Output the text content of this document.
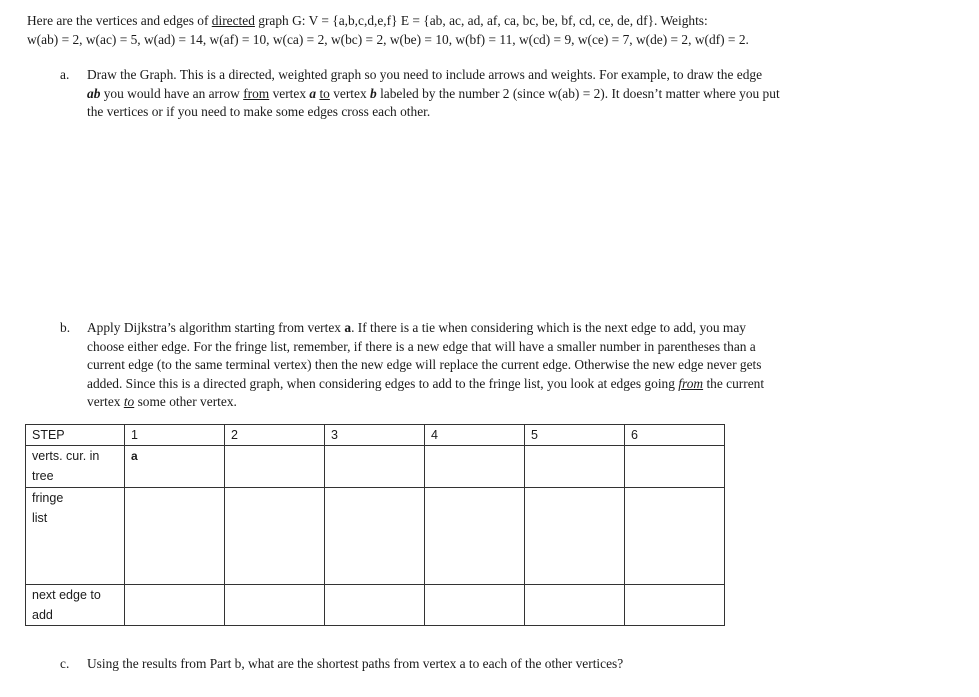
Here are the vertices and edges of directed graph G: V = {a,b,c,d,e,f} E = {ab, ac, ad, af, ca, bc, be, bf, cd, ce, de, df}. Weights:
w(ab) = 2, w(ac) = 5, w(ad) = 14, w(af) = 10, w(ca) = 2, w(bc) = 2, w(be) = 10, w(bf) = 11, w(cd) = 9, w(ce) = 7, w(de) = 2, w(df) = 2.
a. Draw the Graph. This is a directed, weighted graph so you need to include arrows and weights. For example, to draw the edge
ab you would have an arrow from vertex a to vertex b labeled by the number 2 (since w(ab) = 2). It doesn’t matter where you put
the vertices or if you need to make some edges cross each other.
b. Apply Dijkstra’s algorithm starting from vertex a. If there is a tie when considering which is the next edge to add, you may
choose either edge. For the fringe list, remember, if there is a new edge that will have a smaller number in parentheses than a
current edge (to the same terminal vertex) then the new edge will replace the current edge. Otherwise the new edge never gets
added. Since this is a directed graph, when considering edges to add to the fringe list, you look at edges going from the current
vertex to some other vertex.
STEP	1	2	3	4	5	6

verts. cur. in
tree	a					

fringe
list						

next edge to
add						

c. Using the results from Part b, what are the shortest paths from vertex a to each of the other vertices?
